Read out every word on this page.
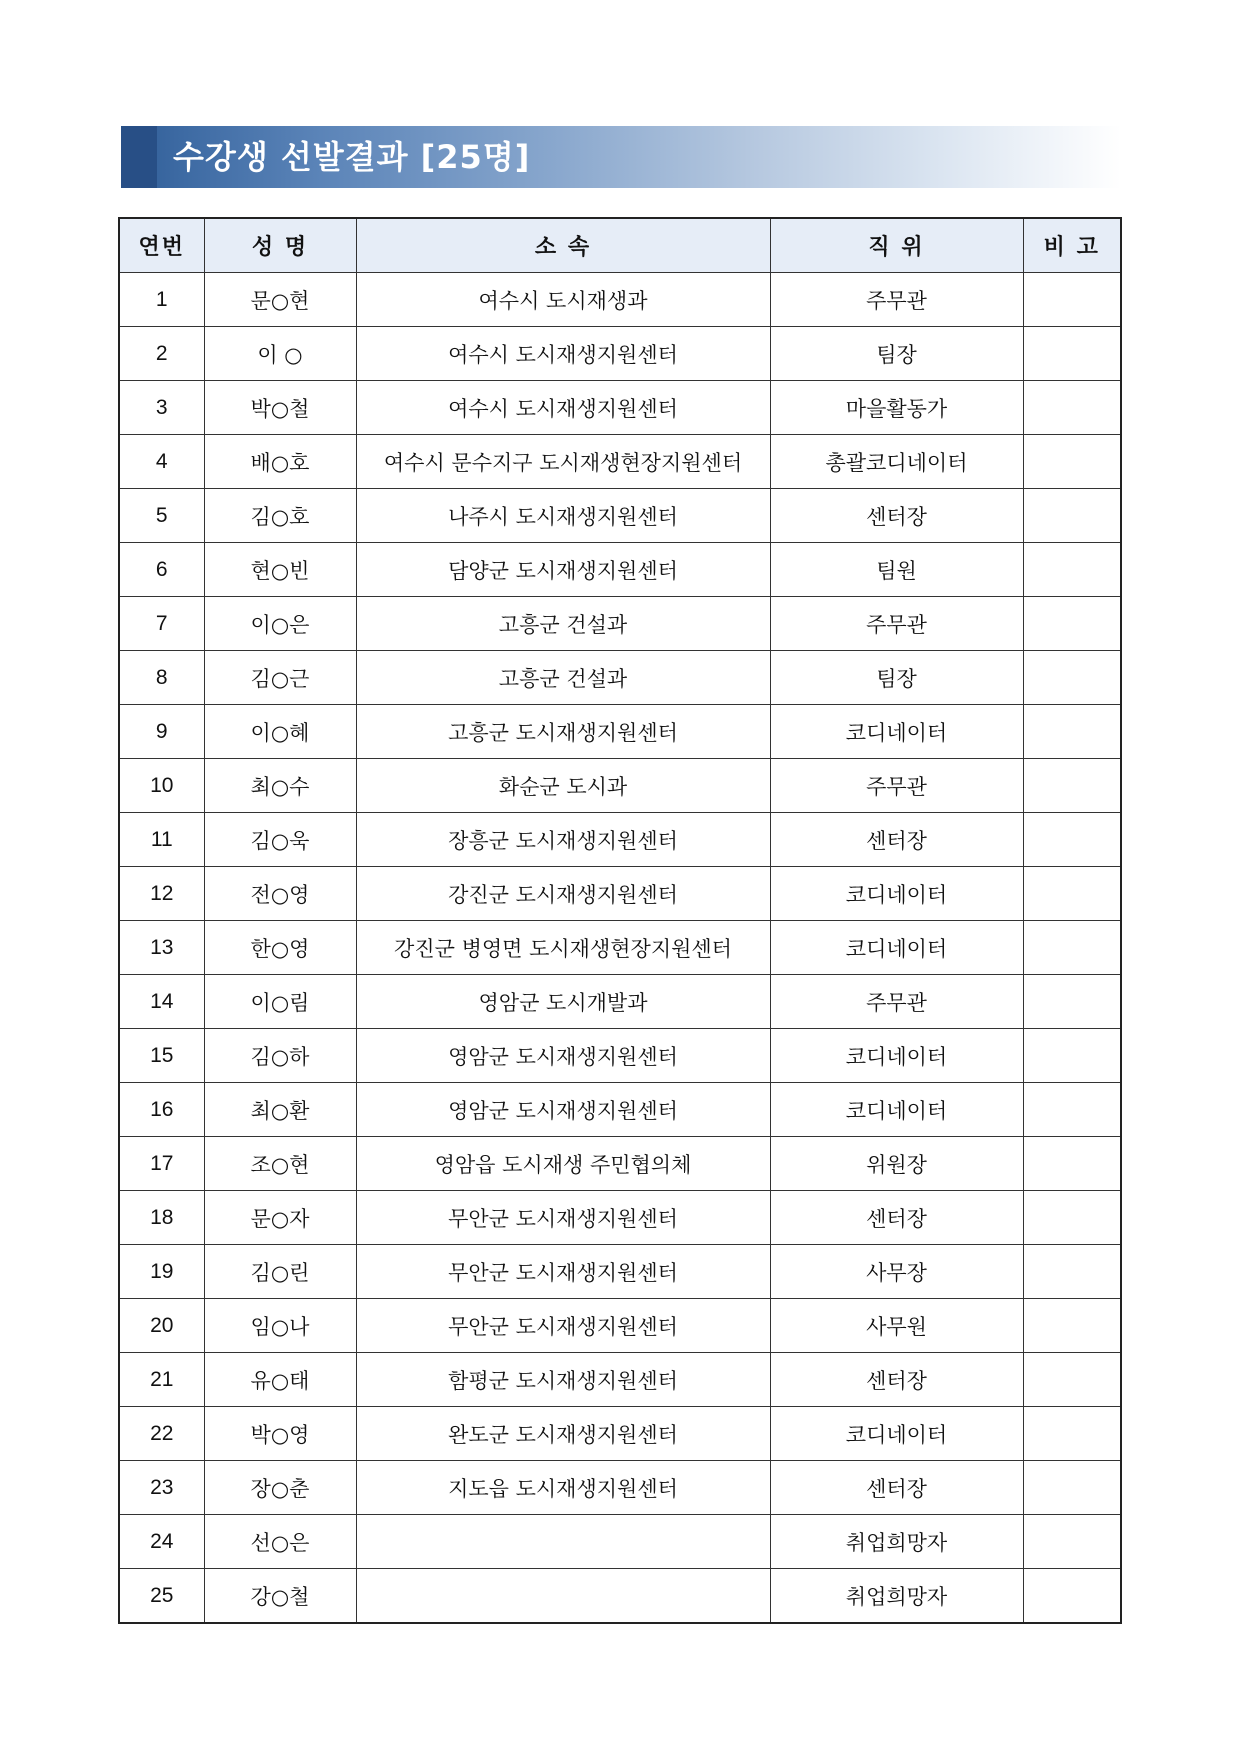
수강생 선발결과 [25명]
연번	성 명	소 속	직 위	비 고
1	문○현	여수시 도시재생과	주무관	
2	이 ○	여수시 도시재생지원센터	팀장	
3	박○철	여수시 도시재생지원센터	마을활동가	
4	배○호	여수시 문수지구 도시재생현장지원센터	총괄코디네이터	
5	김○호	나주시 도시재생지원센터	센터장	
6	현○빈	담양군 도시재생지원센터	팀원	
7	이○은	고흥군 건설과	주무관	
8	김○근	고흥군 건설과	팀장	
9	이○혜	고흥군 도시재생지원센터	코디네이터	
10	최○수	화순군 도시과	주무관	
11	김○욱	장흥군 도시재생지원센터	센터장	
12	전○영	강진군 도시재생지원센터	코디네이터	
13	한○영	강진군 병영면 도시재생현장지원센터	코디네이터	
14	이○림	영암군 도시개발과	주무관	
15	김○하	영암군 도시재생지원센터	코디네이터	
16	최○환	영암군 도시재생지원센터	코디네이터	
17	조○현	영암읍 도시재생 주민협의체	위원장	
18	문○자	무안군 도시재생지원센터	센터장	
19	김○린	무안군 도시재생지원센터	사무장	
20	임○나	무안군 도시재생지원센터	사무원	
21	유○태	함평군 도시재생지원센터	센터장	
22	박○영	완도군 도시재생지원센터	코디네이터	
23	장○춘	지도읍 도시재생지원센터	센터장	
24	선○은		취업희망자	
25	강○철		취업희망자	
